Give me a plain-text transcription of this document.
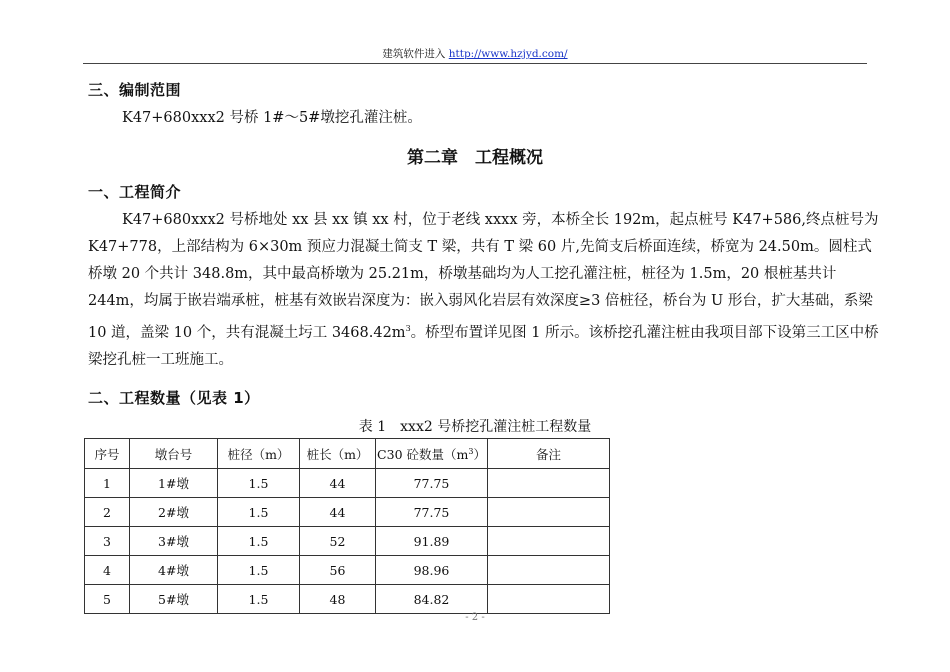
建筑软件进入 http://www.hzjyd.com/
三、编制范围
K47+680xxx2 号桥 1#～5#墩挖孔灌注桩。
第二章　工程概况
一、工程简介
K47+680xxx2 号桥地处 xx 县 xx 镇 xx 村，位于老线 xxxx 旁，本桥全长 192m，起点桩号 K47+586,终点桩号为 K47+778，上部结构为 6×30m 预应力混凝土简支 T 梁，共有 T 梁 60 片,先简支后桥面连续，桥宽为 24.50m。圆柱式桥墩 20 个共计 348.8m，其中最高桥墩为 25.21m，桥墩基础均为人工挖孔灌注桩，桩径为 1.5m，20 根桩基共计 244m，均属于嵌岩端承桩，桩基有效嵌岩深度为：嵌入弱风化岩层有效深度≥3 倍桩径，桥台为 U 形台，扩大基础，系梁 10 道，盖梁 10 个，共有混凝土圬工 $3468.42m^3$。桥型布置详见图 1 所示。该桥挖孔灌注桩由我项目部下设第三工区中桥梁挖孔桩一工班施工。
二、工程数量（见表 1）
表 1　xxx2 号桥挖孔灌注桩工程数量
序号	墩台号	桩径（m）	桩长（m）	C30 砼数量$(m^3)$	备注
1	1#墩	1.5	44	77.75	
2	2#墩	1.5	44	77.75	
3	3#墩	1.5	52	91.89	
4	4#墩	1.5	56	98.96	
5	5#墩	1.5	48	84.82	
- 2 -
